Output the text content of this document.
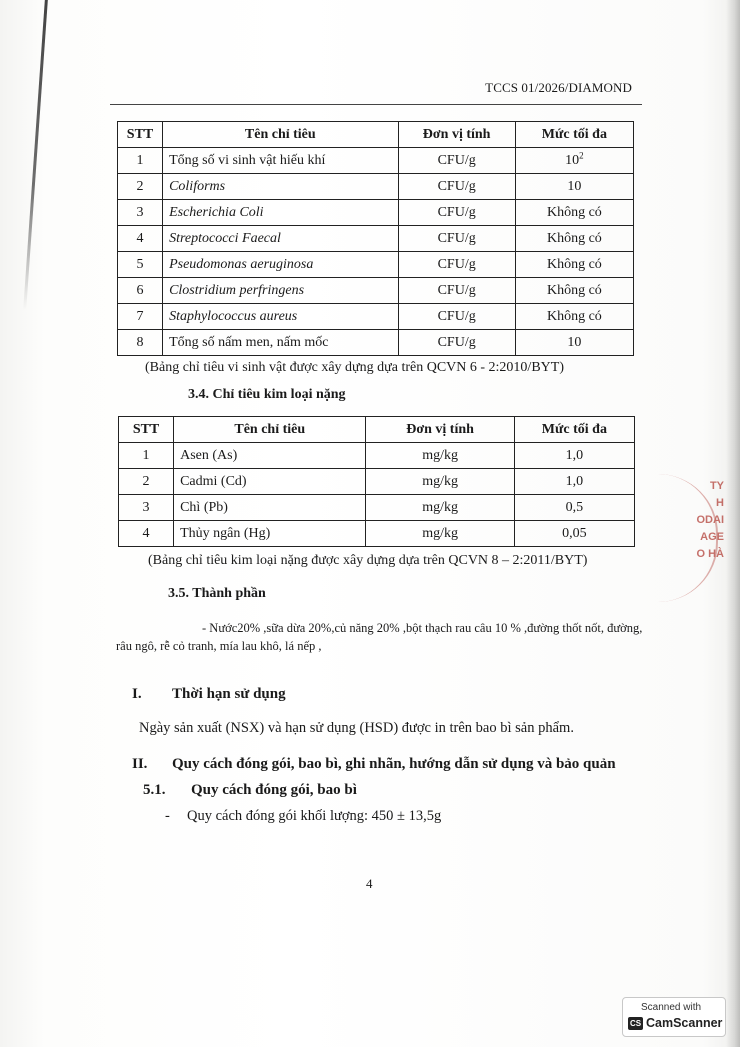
TCCS 01/2026/DIAMOND
STT	Tên chỉ tiêu	Đơn vị tính	Mức tối đa
1	Tổng số vi sinh vật hiếu khí	CFU/g	$10^2$
2	Coliforms	CFU/g	10
3	Escherichia Coli	CFU/g	Không có
4	Streptococci Faecal	CFU/g	Không có
5	Pseudomonas aeruginosa	CFU/g	Không có
6	Clostridium perfringens	CFU/g	Không có
7	Staphylococcus aureus	CFU/g	Không có
8	Tổng số nấm men, nấm mốc	CFU/g	10
(Bảng chỉ tiêu vi sinh vật được xây dựng dựa trên QCVN 6 - 2:2010/BYT)
3.4. Chỉ tiêu kim loại nặng
STT	Tên chỉ tiêu	Đơn vị tính	Mức tối đa
1	Asen (As)	mg/kg	1,0
2	Cadmi (Cd)	mg/kg	1,0
3	Chì (Pb)	mg/kg	0,5
4	Thủy ngân (Hg)	mg/kg	0,05
(Bảng chỉ tiêu kim loại nặng được xây dựng dựa trên QCVN 8 – 2:2011/BYT)
3.5. Thành phần
- Nước20% ,sữa dừa 20%,củ năng 20% ,bột thạch rau câu 10 % ,đường thốt nốt, đường,
râu ngô, rễ cỏ tranh, mía lau khô, lá nếp ,
I. Thời hạn sử dụng
Ngày sản xuất (NSX) và hạn sử dụng (HSD) được in trên bao bì sản phẩm.
II. Quy cách đóng gói, bao bì, ghi nhãn, hướng dẫn sử dụng và bảo quản
5.1. Quy cách đóng gói, bao bì
- Quy cách đóng gói khối lượng: 450 ± 13,5g
4
TY
H
ODAI
AGE
O HÀ
Scanned with
CS CamScanner
